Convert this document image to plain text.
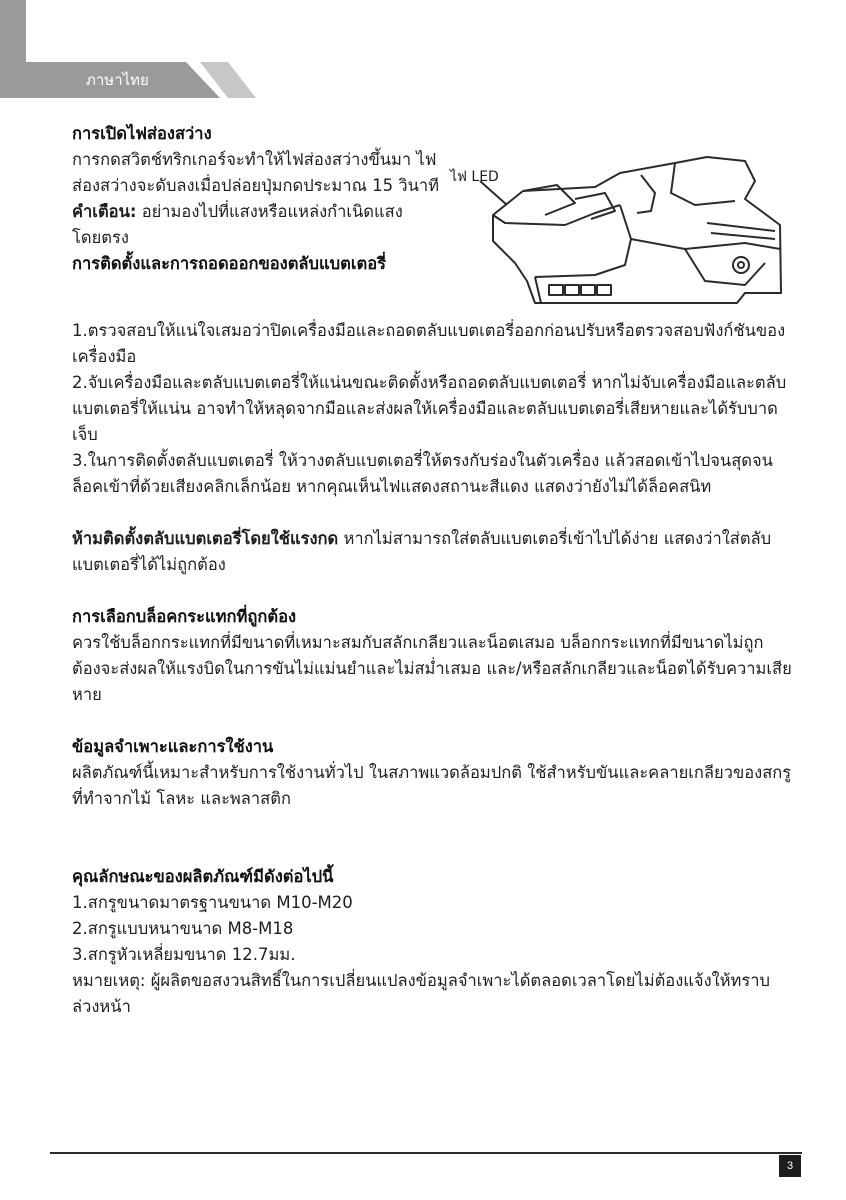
ภาษาไทย
การเปิดไฟส่องสว่าง

การกดสวิตช์ทริกเกอร์จะทำให้ไฟส่องสว่างขึ้นมา ไฟส่องสว่างจะดับลงเมื่อปล่อยปุ่มกดประมาณ 15 วินาที

คำเตือน: อย่ามองไปที่แสงหรือแหล่งกำเนิดแสงโดยตรง

การติดตั้งและการถอดออกของตลับแบตเตอรี่
ไฟ LED

1.ตรวจสอบให้แน่ใจเสมอว่าปิดเครื่องมือและถอดตลับแบตเตอรี่ออกก่อนปรับหรือตรวจสอบฟังก์ชันของเครื่องมือ

2.จับเครื่องมือและตลับแบตเตอรี่ให้แน่นขณะติดตั้งหรือถอดตลับแบตเตอรี่ หากไม่จับเครื่องมือและตลับแบตเตอรี่ให้แน่น อาจทำให้หลุดจากมือและส่งผลให้เครื่องมือและตลับแบตเตอรี่เสียหายและได้รับบาดเจ็บ

3.ในการติดตั้งตลับแบตเตอรี่ ให้วางตลับแบตเตอรี่ให้ตรงกับร่องในตัวเครื่อง แล้วสอดเข้าไปจนสุดจนล็อคเข้าที่ด้วยเสียงคลิกเล็กน้อย หากคุณเห็นไฟแสดงสถานะสีแดง แสดงว่ายังไม่ได้ล็อคสนิท

ห้ามติดตั้งตลับแบตเตอรี่โดยใช้แรงกด หากไม่สามารถใส่ตลับแบตเตอรี่เข้าไปได้ง่าย แสดงว่าใส่ตลับแบตเตอรี่ได้ไม่ถูกต้อง

การเลือกบล็อคกระแทกที่ถูกต้อง

ควรใช้บล็อกกระแทกที่มีขนาดที่เหมาะสมกับสลักเกลียวและน็อตเสมอ บล็อกกระแทกที่มีขนาดไม่ถูกต้องจะส่งผลให้แรงบิดในการขันไม่แม่นยำและไม่สม่ำเสมอ และ/หรือสลักเกลียวและน็อตได้รับความเสียหาย

ข้อมูลจำเพาะและการใช้งาน

ผลิตภัณฑ์นี้เหมาะสำหรับการใช้งานทั่วไป ในสภาพแวดล้อมปกติ ใช้สำหรับขันและคลายเกลียวของสกรูที่ทำจากไม้ โลหะ และพลาสติก

คุณลักษณะของผลิตภัณฑ์มีดังต่อไปนี้

1.สกรูขนาดมาตรฐานขนาด M10-M20

2.สกรูแบบหนาขนาด M8-M18

3.สกรูหัวเหลี่ยมขนาด 12.7มม.

หมายเหตุ: ผู้ผลิตขอสงวนสิทธิ์ในการเปลี่ยนแปลงข้อมูลจำเพาะได้ตลอดเวลาโดยไม่ต้องแจ้งให้ทราบล่วงหน้า

3
